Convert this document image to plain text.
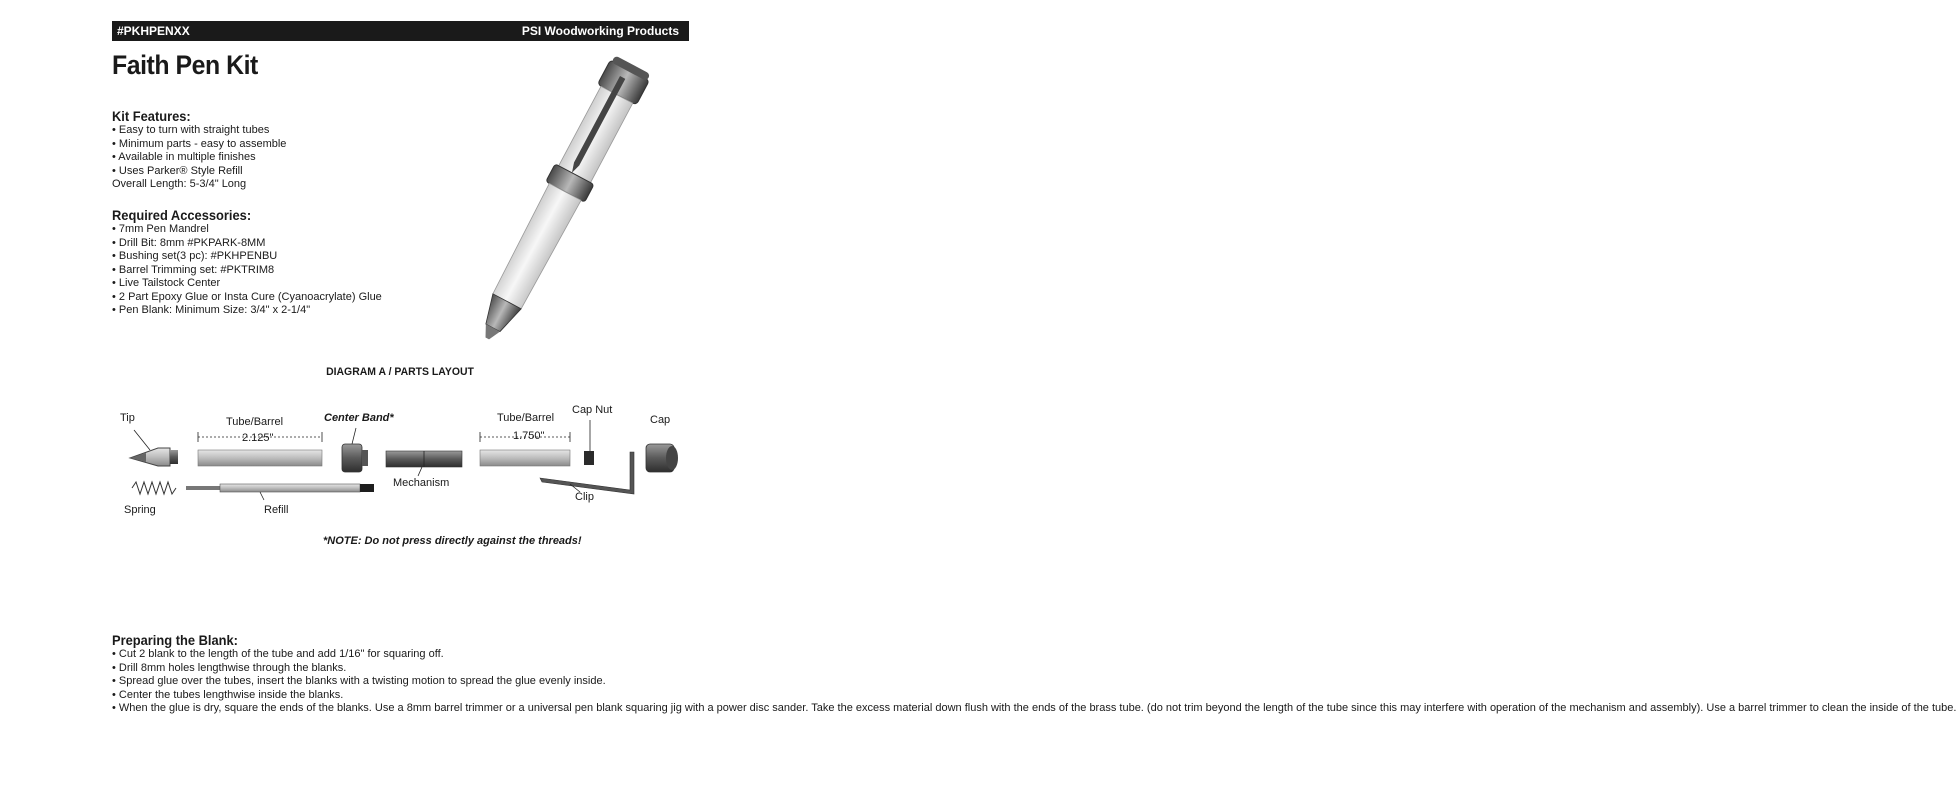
#PKHPENXX	PSI Woodworking Products
Faith Pen Kit
Kit Features:
• Easy to turn with straight tubes
• Minimum parts - easy to assemble
• Available in multiple finishes
• Uses Parker® Style Refill
Overall Length: 5-3/4" Long
Required Accessories:
• 7mm Pen Mandrel
• Drill Bit: 8mm #PKPARK-8MM
• Bushing set(3 pc): #PKHPENBU
• Barrel Trimming set: #PKTRIM8
• Live Tailstock Center
• 2 Part Epoxy Glue or Insta Cure (Cyanoacrylate) Glue
• Pen Blank: Minimum Size: 3/4" x 2-1/4"
DIAGRAM A / PARTS LAYOUT
Tip	Tube/Barrel
2.125"
Center Band*	Tube/Barrel
1.750"
Cap Nut
Cap
Mechanism
Clip
Spring	Refill
*NOTE: Do not press directly against the threads!
Preparing the Blank:
• Cut 2 blank to the length of the tube and add 1/16" for squaring off.
• Drill 8mm holes lengthwise through the blanks.
• Spread glue over the tubes, insert the blanks with a twisting motion to spread the glue evenly inside.
• Center the tubes lengthwise inside the blanks.
• When the glue is dry, square the ends of the blanks. Use a 8mm barrel trimmer or a universal pen blank squaring jig with a power disc sander. Take the excess material down flush with the ends of the brass tube. (do not trim beyond the length of the tube since this may interfere with operation of the mechanism and assembly). Use a barrel trimmer to clean the inside of the tube.
